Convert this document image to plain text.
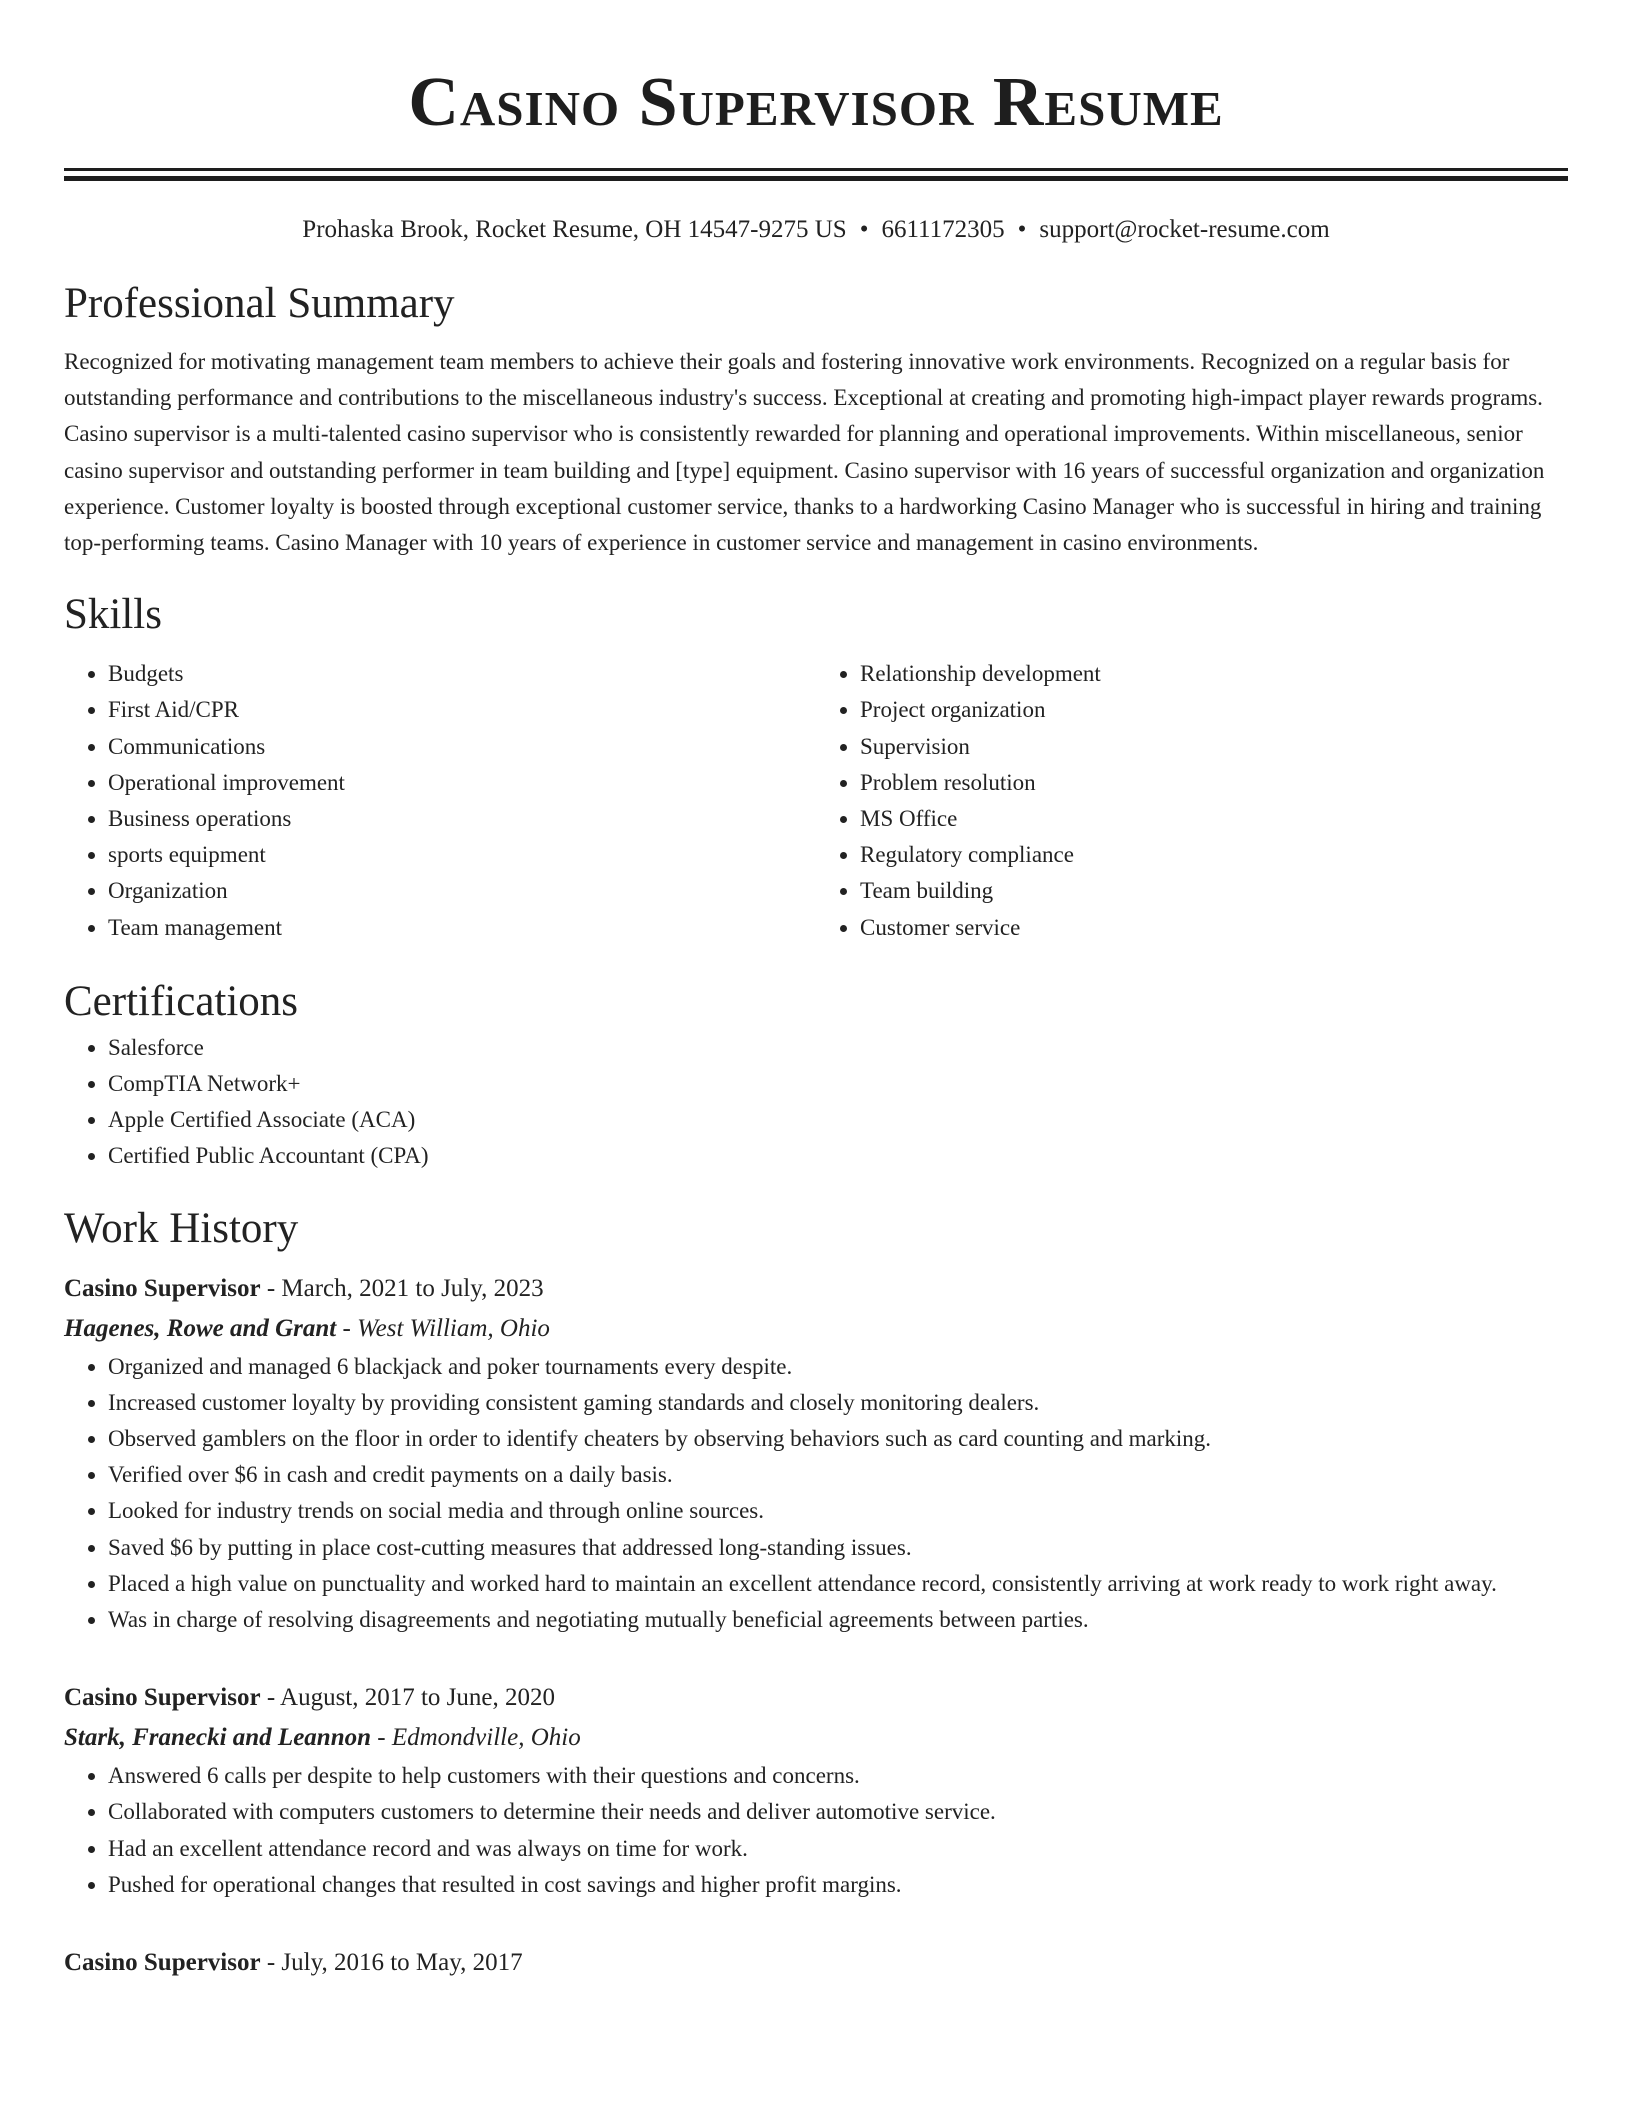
Casino Supervisor Resume
Prohaska Brook, Rocket Resume, OH 14547-9275 US • 6611172305 • support@rocket-resume.com
Professional Summary

Recognized for motivating management team members to achieve their goals and fostering innovative work environments. Recognized on a regular basis for outstanding performance and contributions to the miscellaneous industry's success. Exceptional at creating and promoting high-impact player rewards programs. Casino supervisor is a multi-talented casino supervisor who is consistently rewarded for planning and operational improvements. Within miscellaneous, senior casino supervisor and outstanding performer in team building and [type] equipment. Casino supervisor with 16 years of successful organization and organization experience. Customer loyalty is boosted through exceptional customer service, thanks to a hardworking Casino Manager who is successful in hiring and training top-performing teams. Casino Manager with 10 years of experience in customer service and management in casino environments.

Skills
• Budgets
• First Aid/CPR
• Communications
• Operational improvement
• Business operations
• sports equipment
• Organization
• Team management
• Relationship development
• Project organization
• Supervision
• Problem resolution
• MS Office
• Regulatory compliance
• Team building
• Customer service
Certifications
• Salesforce
• CompTIA Network+
• Apple Certified Associate (ACA)
• Certified Public Accountant (CPA)
Work History
Casino Supervisor - March, 2021 to July, 2023
Hagenes, Rowe and Grant - West William, Ohio
• Organized and managed 6 blackjack and poker tournaments every despite.
• Increased customer loyalty by providing consistent gaming standards and closely monitoring dealers.
• Observed gamblers on the floor in order to identify cheaters by observing behaviors such as card counting and marking.
• Verified over $6 in cash and credit payments on a daily basis.
• Looked for industry trends on social media and through online sources.
• Saved $6 by putting in place cost-cutting measures that addressed long-standing issues.
• Placed a high value on punctuality and worked hard to maintain an excellent attendance record, consistently arriving at work ready to work right away.
• Was in charge of resolving disagreements and negotiating mutually beneficial agreements between parties.
Casino Supervisor - August, 2017 to June, 2020
Stark, Franecki and Leannon - Edmondville, Ohio
• Answered 6 calls per despite to help customers with their questions and concerns.
• Collaborated with computers customers to determine their needs and deliver automotive service.
• Had an excellent attendance record and was always on time for work.
• Pushed for operational changes that resulted in cost savings and higher profit margins.
Casino Supervisor - July, 2016 to May, 2017
